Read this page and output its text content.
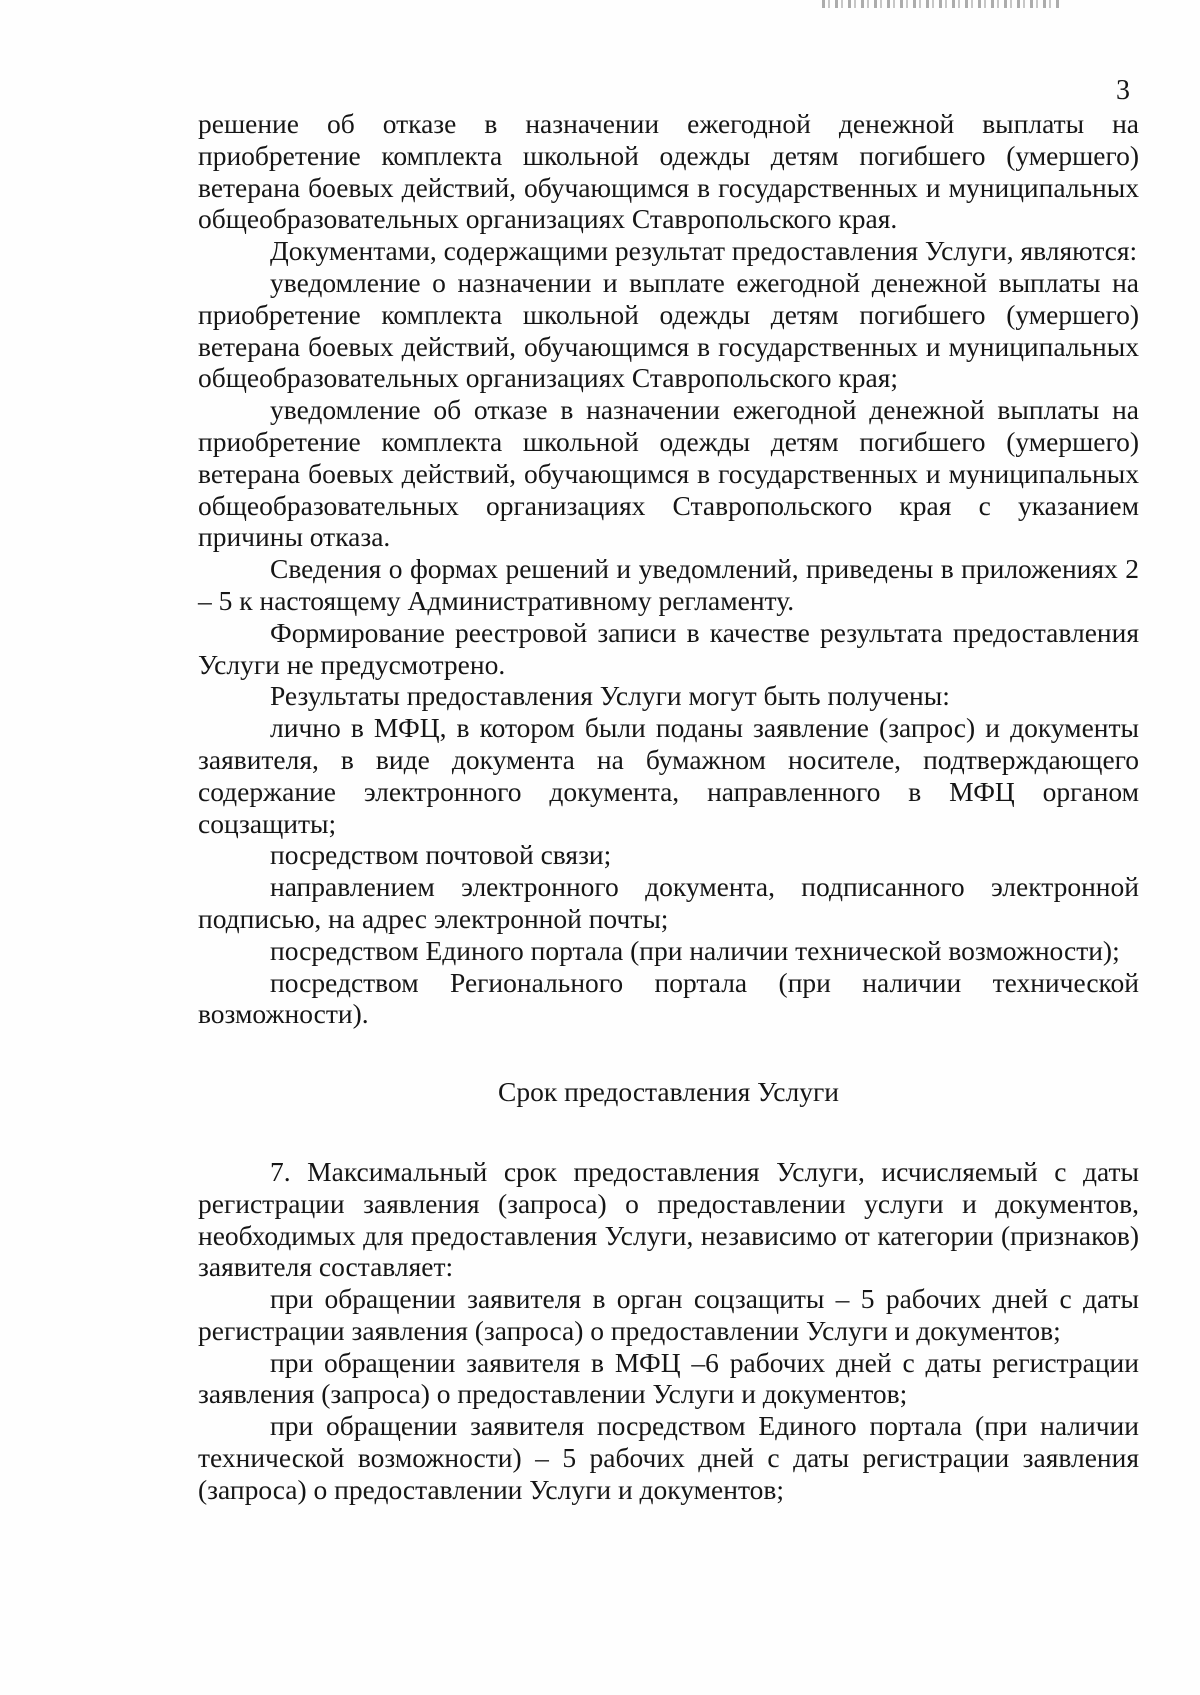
3

решение об отказе в назначении ежегодной денежной выплаты на приобретение комплекта школьной одежды детям погибшего (умершего) ветерана боевых действий, обучающимся в государственных и муниципальных общеобразовательных организациях Ставропольского края.

Документами, содержащими результат предоставления Услуги, являются:

уведомление о назначении и выплате ежегодной денежной выплаты на приобретение комплекта школьной одежды детям погибшего (умершего) ветерана боевых действий, обучающимся в государственных и муниципальных общеобразовательных организациях Ставропольского края;

уведомление об отказе в назначении ежегодной денежной выплаты на приобретение комплекта школьной одежды детям погибшего (умершего) ветерана боевых действий, обучающимся в государственных и муниципальных общеобразовательных организациях Ставропольского края с указанием причины отказа.

Сведения о формах решений и уведомлений, приведены в приложениях 2 – 5 к настоящему Административному регламенту.

Формирование реестровой записи в качестве результата предоставления Услуги не предусмотрено.

Результаты предоставления Услуги могут быть получены:

лично в МФЦ, в котором были поданы заявление (запрос) и документы заявителя, в виде документа на бумажном носителе, подтверждающего содержание электронного документа, направленного в МФЦ органом соцзащиты;

посредством почтовой связи;

направлением электронного документа, подписанного электронной подписью, на адрес электронной почты;

посредством Единого портала (при наличии технической возможности);

посредством Регионального портала (при наличии технической возможности).

Срок предоставления Услуги

7. Максимальный срок предоставления Услуги, исчисляемый с даты регистрации заявления (запроса) о предоставлении услуги и документов, необходимых для предоставления Услуги, независимо от категории (признаков) заявителя составляет:

при обращении заявителя в орган соцзащиты – 5 рабочих дней с даты регистрации заявления (запроса) о предоставлении Услуги и документов;

при обращении заявителя в МФЦ –6 рабочих дней с даты регистрации заявления (запроса) о предоставлении Услуги и документов;

при обращении заявителя посредством Единого портала (при наличии технической возможности) – 5 рабочих дней с даты регистрации заявления (запроса) о предоставлении Услуги и документов;
